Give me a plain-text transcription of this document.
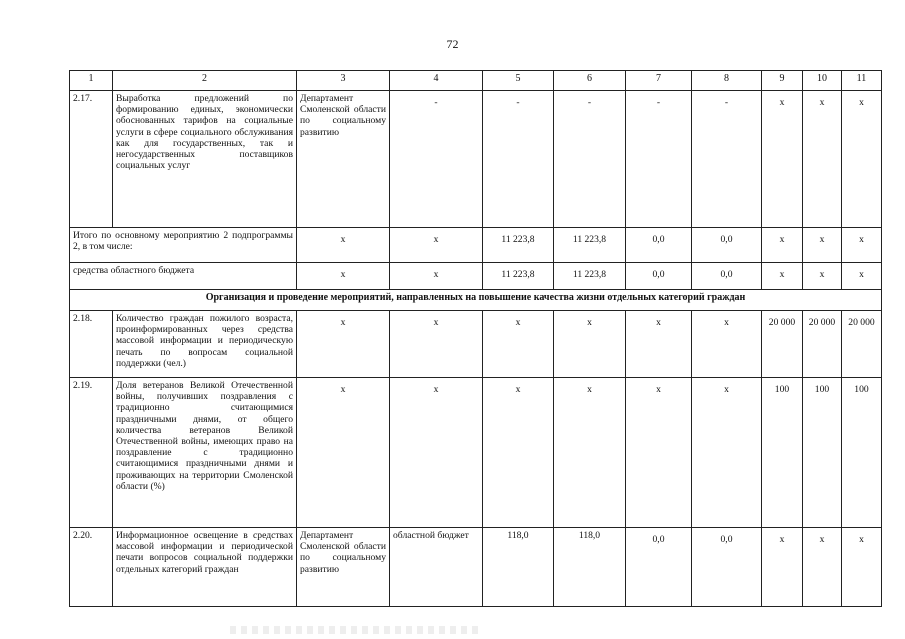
72
1	2	3	4	5	6	7	8	9	10	11
2.17.	Выработка предложений по формированию единых, экономически обоснованных тарифов на социальные услуги в сфере социального обслуживания как для государственных, так и негосударственных поставщиков социальных услуг	Департамент Смоленской области по социальному развитию	-	-	-	-	-	х	х	х
Итого по основному мероприятию 2 подпрограммы 2, в том числе:		х	х	11 223,8	11 223,8	0,0	0,0	х	х	х
средства областного бюджета		х	х	11 223,8	11 223,8	0,0	0,0	х	х	х
Организация и проведение мероприятий, направленных на повышение качества жизни отдельных категорий граждан										
2.18.	Количество граждан пожилого возраста, проинформированных через средства массовой информации и периодическую печать по вопросам социальной поддержки (чел.)	х	х	х	х	х	х	20 000	20 000	20 000
2.19.	Доля ветеранов Великой Отечественной войны, получивших поздравления с традиционно считающимися праздничными днями, от общего количества ветеранов Великой Отечественной войны, имеющих право на поздравление с традиционно считающимися праздничными днями и проживающих на территории Смоленской области (%)	х	х	х	х	х	х	100	100	100
2.20.	Информационное освещение в средствах массовой информации и периодической печати вопросов социальной поддержки отдельных категорий граждан	Департамент Смоленской области по социальному развитию	областной бюджет	118,0	118,0	0,0	0,0	х	х	х
